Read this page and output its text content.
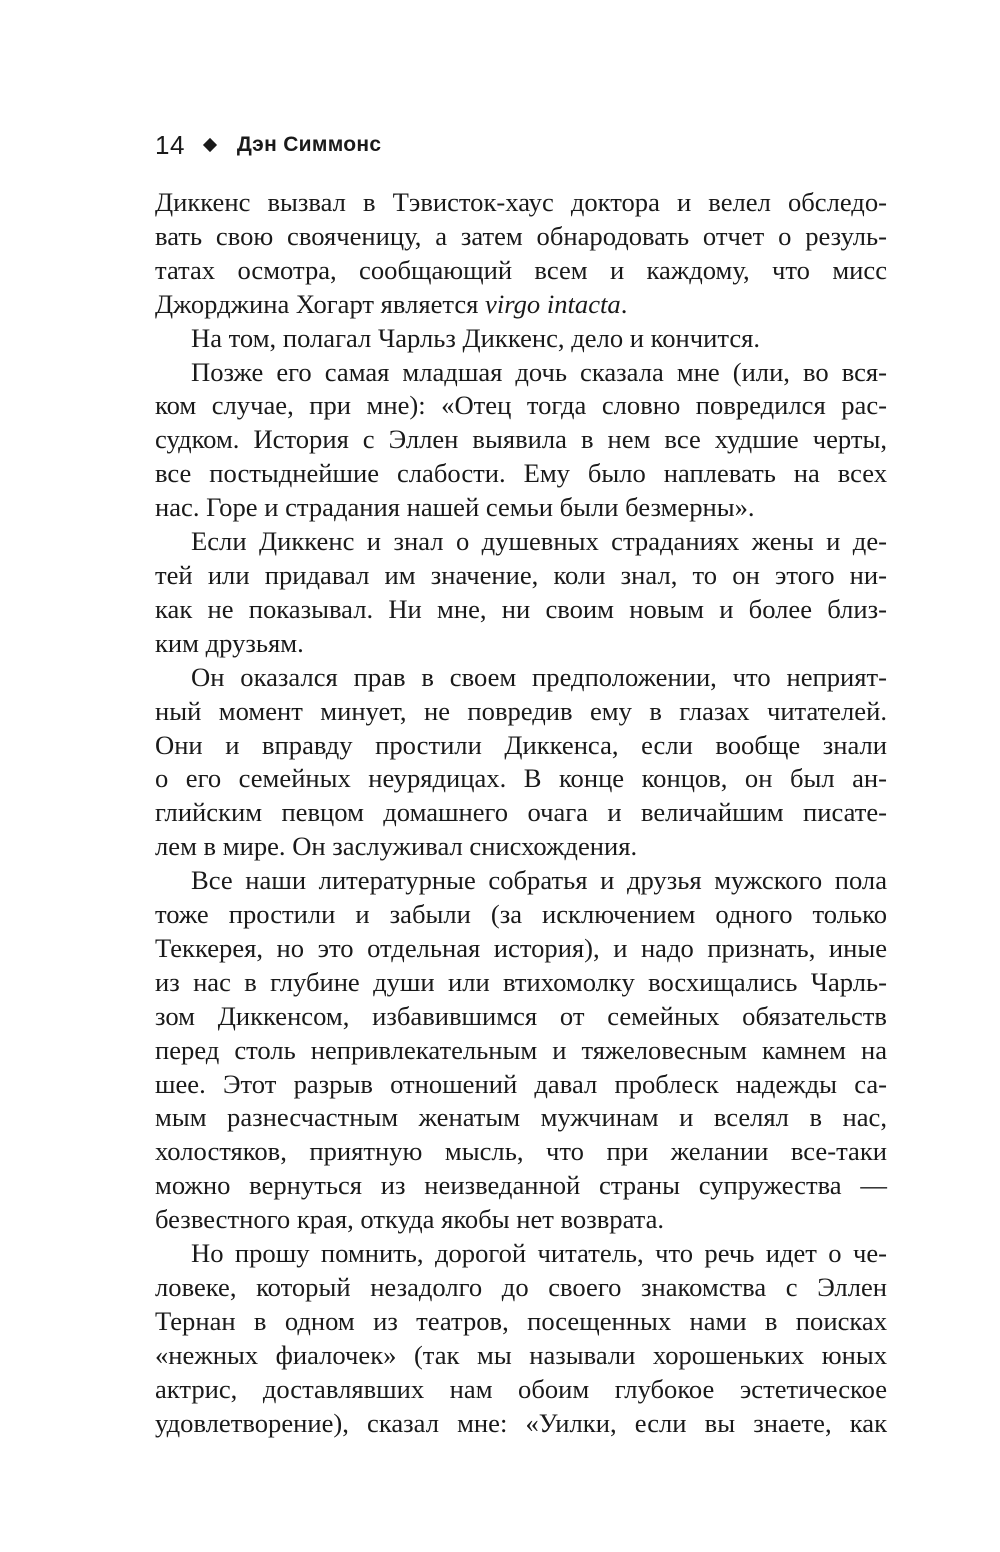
14 Дэн Симмонс
Диккенс вызвал в Тэвисток-хаус доктора и велел обследо-
вать свою свояченицу, а затем обнародовать отчет о резуль-
татах осмотра, сообщающий всем и каждому, что мисс
Джорджина Хогарт является virgo intacta.
На том, полагал Чарльз Диккенс, дело и кончится.
Позже его самая младшая дочь сказала мне (или, во вся-
ком случае, при мне): «Отец тогда словно повредился рас-
судком. История с Эллен выявила в нем все худшие черты,
все постыднейшие слабости. Ему было наплевать на всех
нас. Горе и страдания нашей семьи были безмерны».
Если Диккенс и знал о душевных страданиях жены и де-
тей или придавал им значение, коли знал, то он этого ни-
как не показывал. Ни мне, ни своим новым и более близ-
ким друзьям.
Он оказался прав в своем предположении, что неприят-
ный момент минует, не повредив ему в глазах читателей.
Они и вправду простили Диккенса, если вообще знали
о его семейных неурядицах. В конце концов, он был ан-
глийским певцом домашнего очага и величайшим писате-
лем в мире. Он заслуживал снисхождения.
Все наши литературные собратья и друзья мужского пола
тоже простили и забыли (за исключением одного только
Теккерея, но это отдельная история), и надо признать, иные
из нас в глубине души или втихомолку восхищались Чарль-
зом Диккенсом, избавившимся от семейных обязательств
перед столь непривлекательным и тяжеловесным камнем на
шее. Этот разрыв отношений давал проблеск надежды са-
мым разнесчастным женатым мужчинам и вселял в нас,
холостяков, приятную мысль, что при желании все-таки
можно вернуться из неизведанной страны супружества —
безвестного края, откуда якобы нет возврата.
Но прошу помнить, дорогой читатель, что речь идет о че-
ловеке, который незадолго до своего знакомства с Эллен
Тернан в одном из театров, посещенных нами в поисках
«нежных фиалочек» (так мы называли хорошеньких юных
актрис, доставлявших нам обоим глубокое эстетическое
удовлетворение), сказал мне: «Уилки, если вы знаете, как
